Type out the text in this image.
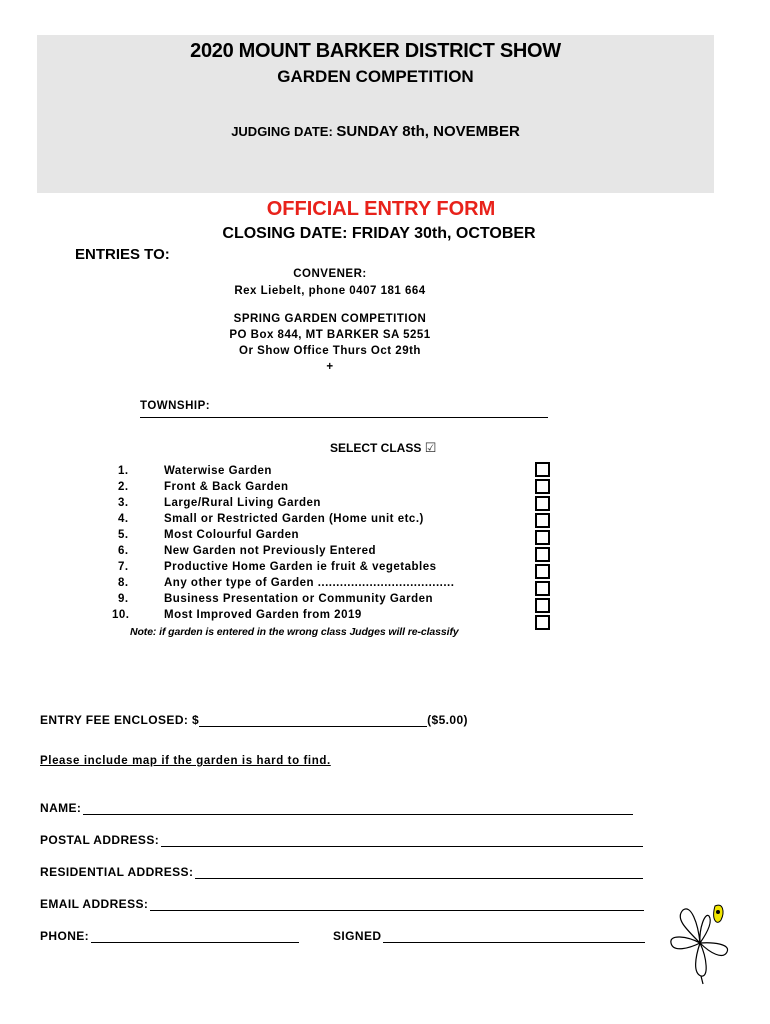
2020 MOUNT BARKER DISTRICT SHOW
GARDEN COMPETITION
JUDGING DATE: SUNDAY 8th, NOVEMBER
OFFICIAL ENTRY FORM
CLOSING DATE: FRIDAY 30th, OCTOBER
ENTRIES TO:
CONVENER:
Rex Liebelt, phone 0407 181 664
SPRING GARDEN COMPETITION
PO Box 844, MT BARKER SA 5251
Or Show Office Thurs Oct 29th
+
TOWNSHIP:
SELECT CLASS ☑
1.	Waterwise Garden
2.	Front & Back Garden
3.	Large/Rural Living Garden
4.	Small or Restricted Garden (Home unit etc.)
5.	Most Colourful Garden
6.	New Garden not Previously Entered
7.	Productive Home Garden ie fruit & vegetables
8.	Any other type of Garden .....................................
9.	Business Presentation or Community Garden
10.	Most Improved Garden from 2019
Note: if garden is entered in the wrong class Judges will re-classify
ENTRY FEE ENCLOSED: $	($5.00)
Please include map if the garden is hard to find.
NAME:
POSTAL ADDRESS:
RESIDENTIAL ADDRESS:
EMAIL ADDRESS:
PHONE:	SIGNED
